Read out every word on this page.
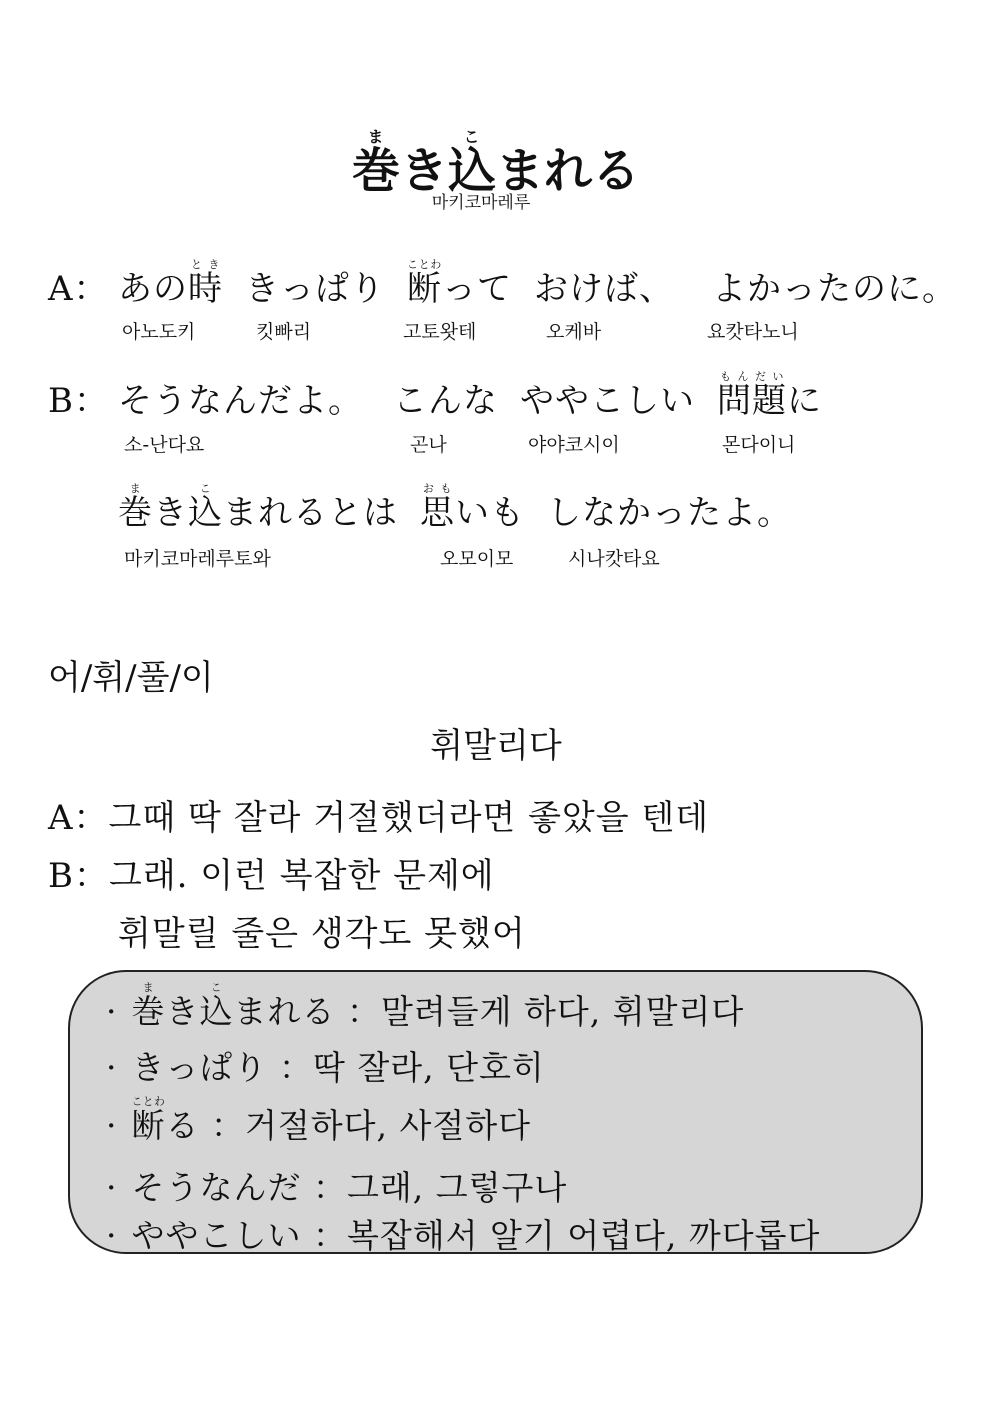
巻まき込こまれる
마키코마레루
A： あの時とききっぱり 断ことわって おけば、 よかったのに。
아노도키	킷빠리	고토왓테	오케바	요캇타노니
B： そうなんだよ。 こんな ややこしい 問題もんだいに
소-난다요	곤나	야야코시이	몬다이니
巻まき込こまれるとは 思おもいも しなかったよ。
마키코마레루토와	오모이모	시나캇타요
어/휘/풀/이
휘말리다
A：그때 딱 잘라 거절했더라면 좋았을 텐데
B：그래. 이런 복잡한 문제에
휘말릴 줄은 생각도 못했어
· 巻まき込こまれる ：말려들게 하다, 휘말리다
· きっぱり ：딱 잘라, 단호히
· 断ことわる ：거절하다, 사절하다
· そうなんだ ：그래, 그렇구나
· ややこしい ：복잡해서 알기 어렵다, 까다롭다
